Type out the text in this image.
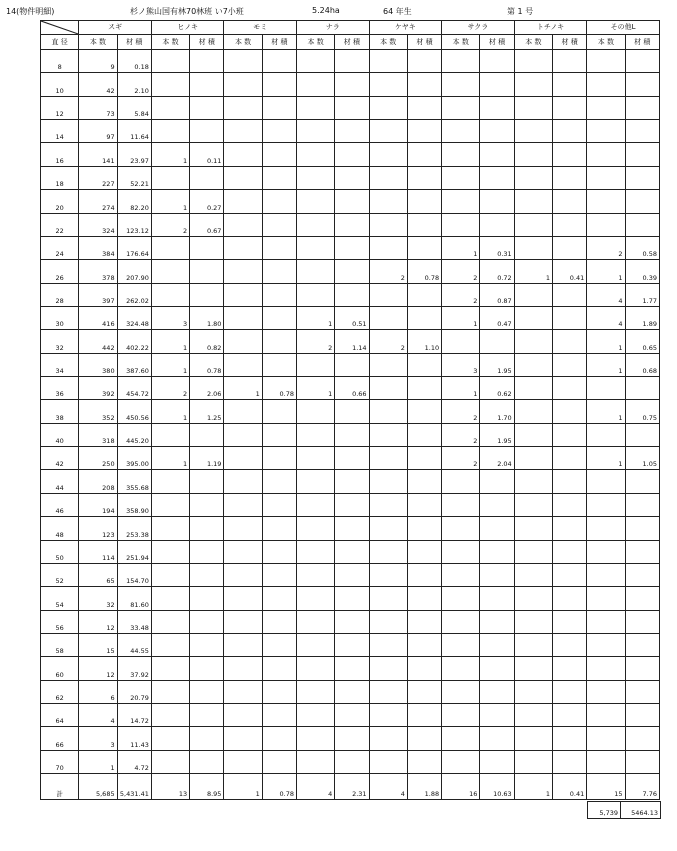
14(物件明細)	杉ノ熊山国有林70林班 い7小班	5.24ha	64 年生	第 1 号
	スギ		ヒノキ		モミ		ナラ		ケヤキ		サクラ		トチノキ		その他L	
直 径	本 数	材 積	本 数	材 積	本 数	材 積	本 数	材 積	本 数	材 積	本 数	材 積	本 数	材 積	本 数	材 積
8	9	0.18														
10	42	2.10														
12	73	5.84														
14	97	11.64														
16	141	23.97	1	0.11												
18	227	52.21														
20	274	82.20	1	0.27												
22	324	123.12	2	0.67												
24	384	176.64									1	0.31			2	0.58
26	378	207.90							2	0.78	2	0.72	1	0.41	1	0.39
28	397	262.02									2	0.87			4	1.77
30	416	324.48	3	1.80			1	0.51			1	0.47			4	1.89
32	442	402.22	1	0.82			2	1.14	2	1.10					1	0.65
34	380	387.60	1	0.78							3	1.95			1	0.68
36	392	454.72	2	2.06	1	0.78	1	0.66			1	0.62				
38	352	450.56	1	1.25							2	1.70			1	0.75
40	318	445.20									2	1.95				
42	250	395.00	1	1.19							2	2.04			1	1.05
44	208	355.68														
46	194	358.90														
48	123	253.38														
50	114	251.94														
52	65	154.70														
54	32	81.60														
56	12	33.48														
58	15	44.55														
60	12	37.92														
62	6	20.79														
64	4	14.72														
66	3	11.43														
70	1	4.72														
計	5,685	5,431.41	13	8.95	1	0.78	4	2.31	4	1.88	16	10.63	1	0.41	15	7.76
5,739	5464.13
